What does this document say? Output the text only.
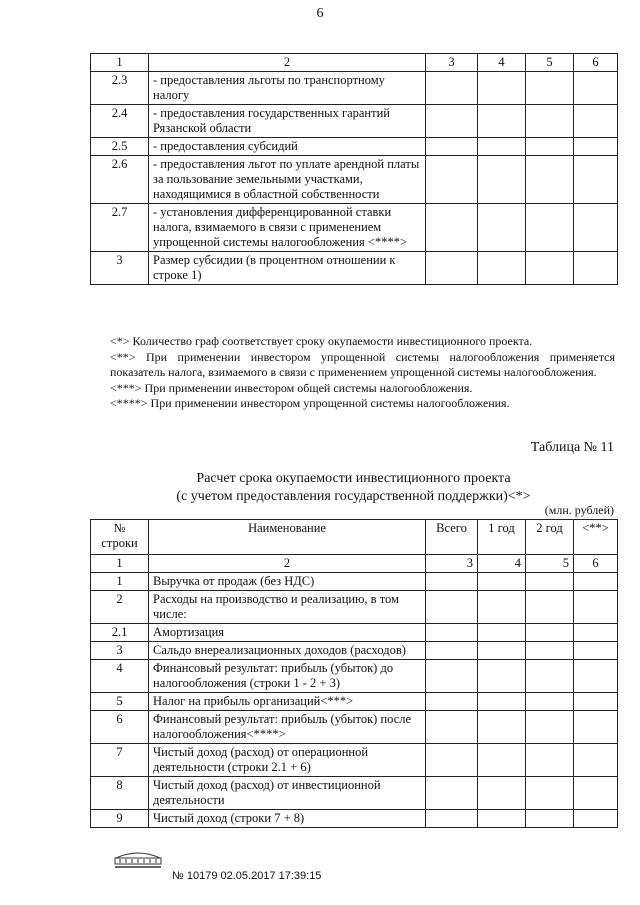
6
1	2	3	4	5	6
2.3	- предоставления льготы по транспортному налогу				
2.4	- предоставления государственных гарантий Рязанской области				
2.5	- предоставления субсидий				
2.6	- предоставления льгот по уплате арендной платы за пользование земельными участками, находящимися в областной собственности				
2.7	- установления дифференцированной ставки налога, взимаемого в связи с применением упрощенной системы налогообложения <****>				
3	Размер субсидии (в процентном отношении к строке 1)				

<*> Количество граф соответствует сроку окупаемости инвестиционного проекта.

<**> При применении инвестором упрощенной системы налогообложения применяется показатель налога, взимаемого в связи с применением упрощенной системы налогообложения.

<***> При применении инвестором общей системы налогообложения.

<****> При применении инвестором упрощенной системы налогообложения.

Таблица № 11
Расчет срока окупаемости инвестиционного проекта
(с учетом предоставления государственной поддержки)<*>
(млн. рублей)
№ строки	Наименование	Всего	1 год	2 год	<**>
1	2	3	4	5	6
1	Выручка от продаж (без НДС)				
2	Расходы на производство и реализацию, в том числе:				
2.1	Амортизация				
3	Сальдо внереализационных доходов (расходов)				
4	Финансовый результат: прибыль (убыток) до налогообложения (строки 1 - 2 + 3)				
5	Налог на прибыль организаций<***>				
6	Финансовый результат: прибыль (убыток) после налогообложения<****>				
7	Чистый доход (расход) от операционной деятельности (строки 2.1 + 6)				
8	Чистый доход (расход) от инвестиционной деятельности				
9	Чистый доход (строки 7 + 8)				
№ 10179 02.05.2017 17:39:15
